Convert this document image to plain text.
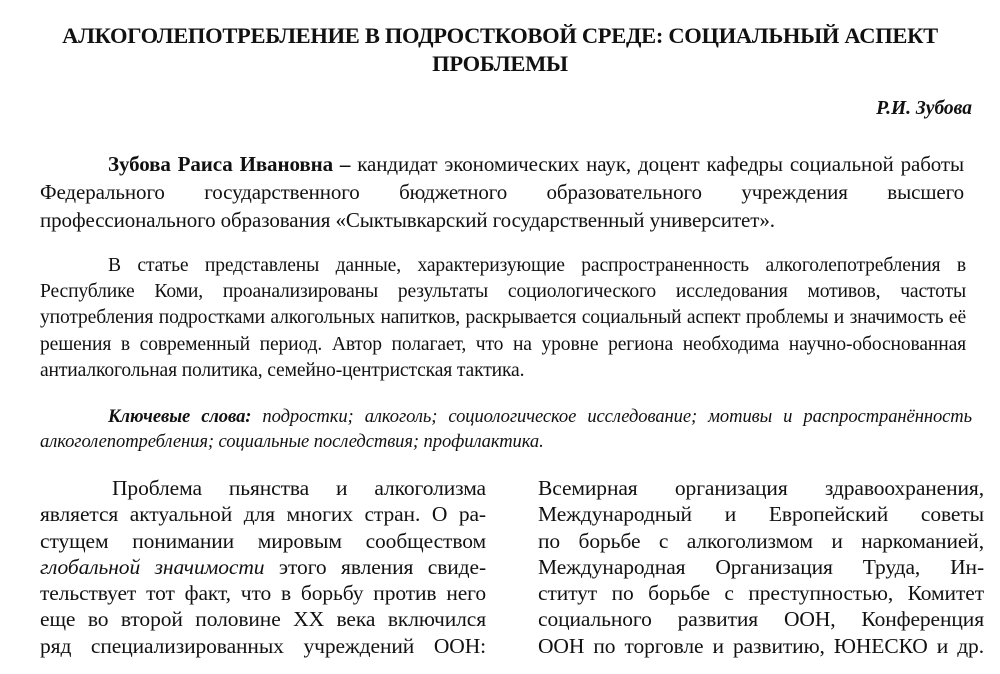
АЛКОГОЛЕПОТРЕБЛЕНИЕ В ПОДРОСТКОВОЙ СРЕДЕ: СОЦИАЛЬНЫЙ АСПЕКТ
ПРОБЛЕМЫ
Р.И. Зубова
Зубова Раиса Ивановна – кандидат экономических наук, доцент кафедры социальной работы Федерального государственного бюджетного образовательного учреждения высшего профессионального образования «Сыктывкарский государственный университет».
В статье представлены данные, характеризующие распространенность алкоголепотребления в Республике Коми, проанализированы результаты социологического исследования мотивов, частоты употребления подростками алкогольных напитков, раскрывается социальный аспект проблемы и значимость её решения в современный период. Автор полагает, что на уровне региона необходима научно-обоснованная антиалкогольная политика, семейно-центристская тактика.
Ключевые слова: подростки; алкоголь; социологическое исследование; мотивы и распространённость алкоголепотребления; социальные последствия; профилактика.
Проблема пьянства и алкоголизма
является актуальной для многих стран. О ра-
стущем понимании мировым сообществом
глобальной значимости этого явления свиде-
тельствует тот факт, что в борьбу против него
еще во второй половине XX века включился
ряд специализированных учреждений ООН:
Всемирная организация здравоохранения,
Международный и Европейский советы
по борьбе с алкоголизмом и наркоманией,
Международная Организация Труда, Ин-
ститут по борьбе с преступностью, Комитет
социального развития ООН, Конференция
ООН по торговле и развитию, ЮНЕСКО и др.
